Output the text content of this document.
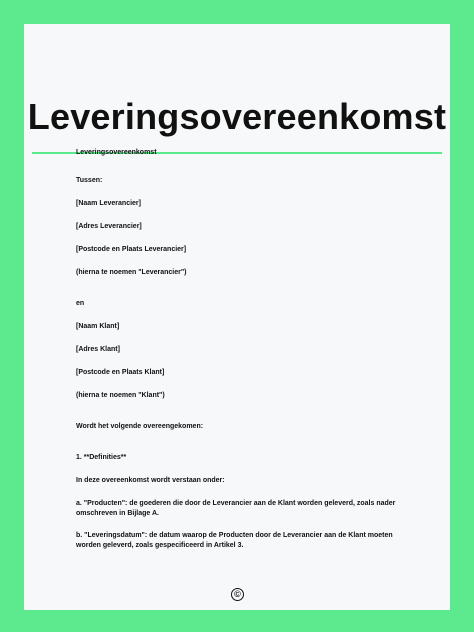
Leveringsovereenkomst
Leveringsovereenkomst
Tussen:
[Naam Leverancier]
[Adres Leverancier]
[Postcode en Plaats Leverancier]
(hierna te noemen "Leverancier")
en
[Naam Klant]
[Adres Klant]
[Postcode en Plaats Klant]
(hierna te noemen "Klant")
Wordt het volgende overeengekomen:
1. **Definities**
In deze overeenkomst wordt verstaan onder:
a. "Producten": de goederen die door de Leverancier aan de Klant worden geleverd, zoals nader omschreven in Bijlage A.
b. "Leveringsdatum": de datum waarop de Producten door de Leverancier aan de Klant moeten worden geleverd, zoals gespecificeerd in Artikel 3.
©
